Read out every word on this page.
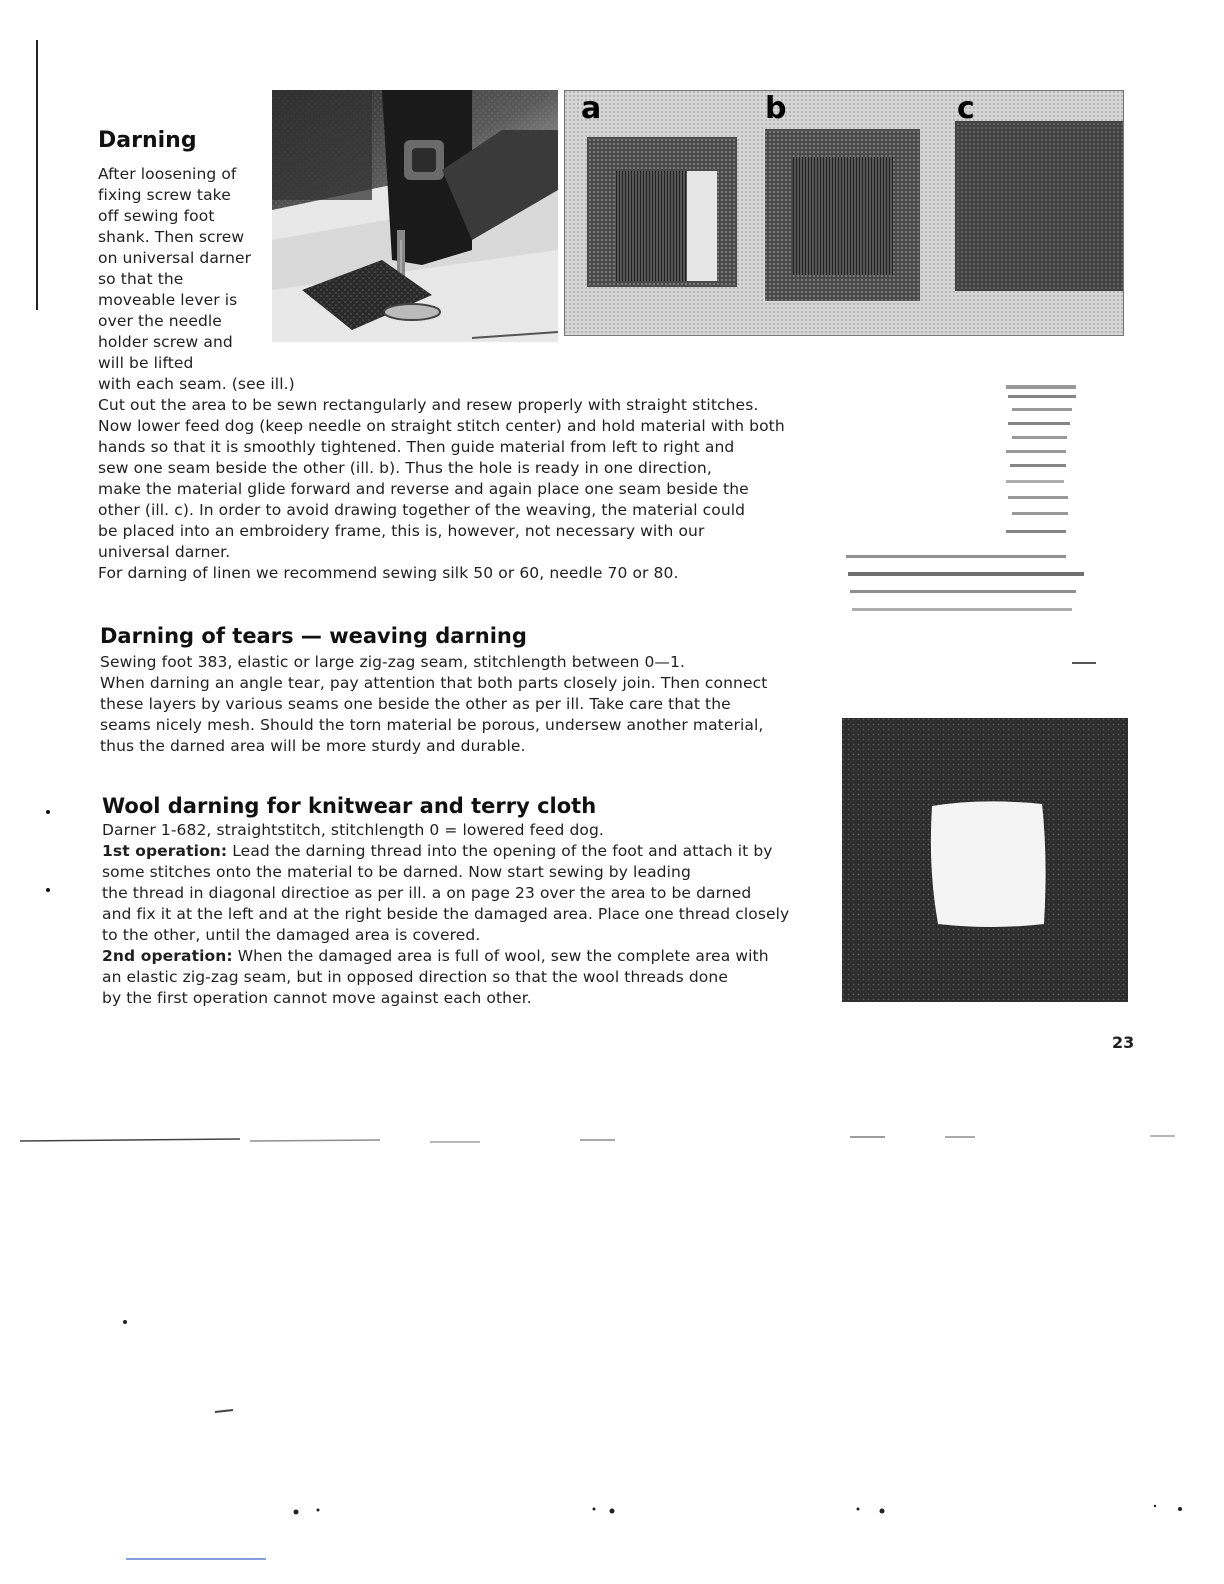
Darning

After loosening of

fixing screw take

off sewing foot

shank. Then screw

on universal darner

so that the

moveable lever is

over the needle

holder screw and

will be lifted

with each seam. (see ill.)

Cut out the area to be sewn rectangularly and resew properly with straight stitches.

Now lower feed dog (keep needle on straight stitch center) and hold material with both

hands so that it is smoothly tightened. Then guide material from left to right and

sew one seam beside the other (ill. b). Thus the hole is ready in one direction,

make the material glide forward and reverse and again place one seam beside the

other (ill. c). In order to avoid drawing together of the weaving, the material could

be placed into an embroidery frame, this is, however, not necessary with our

universal darner.

For darning of linen we recommend sewing silk 50 or 60, needle 70 or 80.

a	b	c
Darning of tears — weaving darning

Sewing foot 383, elastic or large zig-zag seam, stitchlength between 0—1.

When darning an angle tear, pay attention that both parts closely join. Then connect

these layers by various seams one beside the other as per ill. Take care that the

seams nicely mesh. Should the torn material be porous, undersew another material,

thus the darned area will be more sturdy and durable.

Wool darning for knitwear and terry cloth

Darner 1-682, straightstitch, stitchlength 0 = lowered feed dog.

1st operation: Lead the darning thread into the opening of the foot and attach it by

some stitches onto the material to be darned. Now start sewing by leading

the thread in diagonal directioe as per ill. a on page 23 over the area to be darned

and fix it at the left and at the right beside the damaged area. Place one thread closely

to the other, until the damaged area is covered.

2nd operation: When the damaged area is full of wool, sew the complete area with

an elastic zig-zag seam, but in opposed direction so that the wool threads done

by the first operation cannot move against each other.

23
